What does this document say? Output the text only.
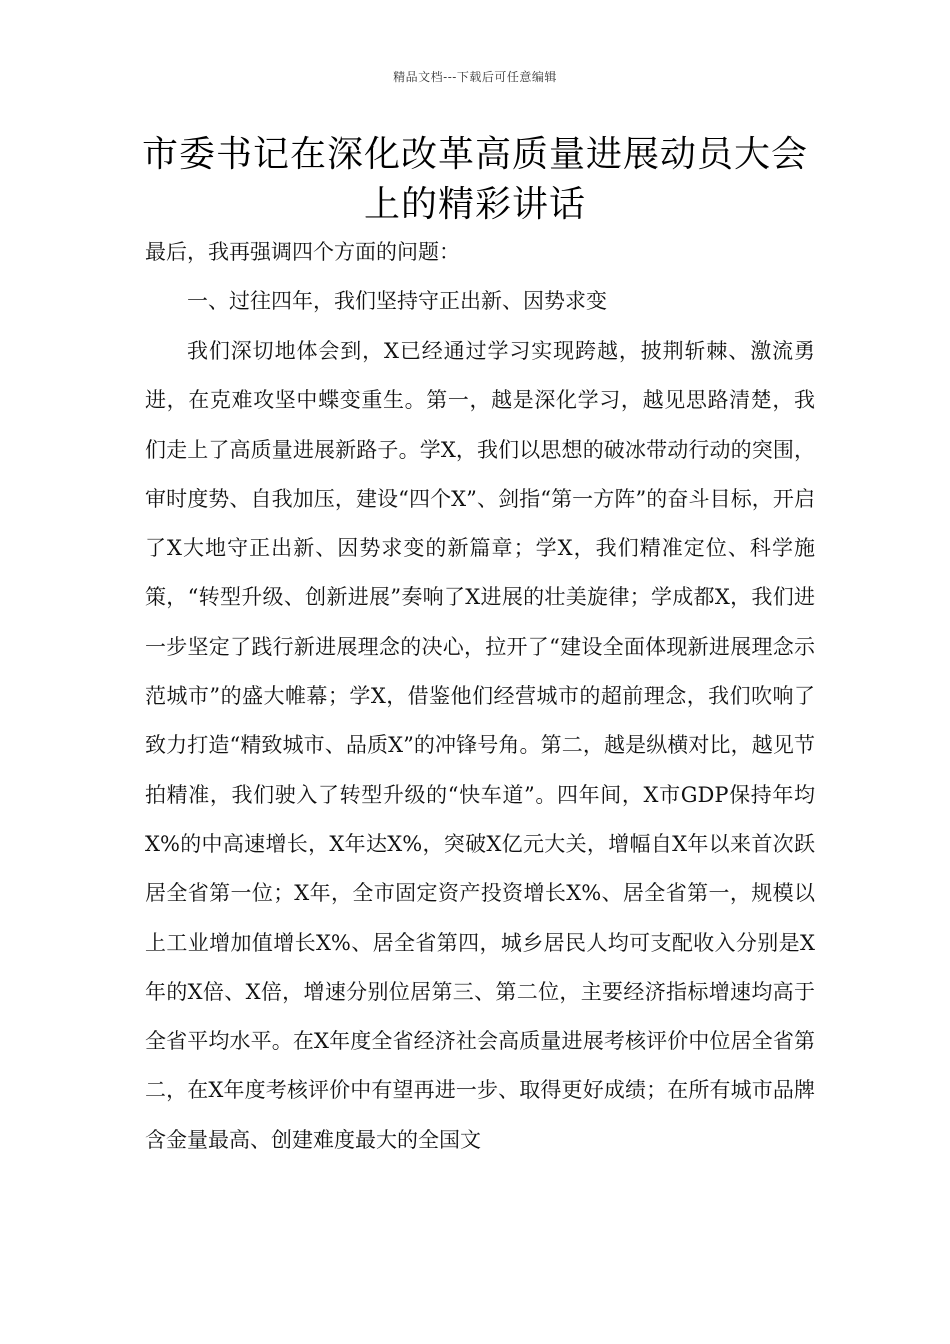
精品文档---下载后可任意编辑
市委书记在深化改革高质量进展动员大会上的精彩讲话

最后，我再强调四个方面的问题：

一、过往四年，我们坚持守正出新、因势求变

我们深切地体会到，X已经通过学习实现跨越，披荆斩棘、激流勇进，在克难攻坚中蝶变重生。第一，越是深化学习，越见思路清楚，我们走上了高质量进展新路子。学X，我们以思想的破冰带动行动的突围，审时度势、自我加压，建设“四个X”、剑指“第一方阵”的奋斗目标，开启了X大地守正出新、因势求变的新篇章；学X，我们精准定位、科学施策，“转型升级、创新进展”奏响了X进展的壮美旋律；学成都X，我们进一步坚定了践行新进展理念的决心，拉开了“建设全面体现新进展理念示范城市”的盛大帷幕；学X，借鉴他们经营城市的超前理念，我们吹响了致力打造“精致城市、品质X”的冲锋号角。第二，越是纵横对比，越见节拍精准，我们驶入了转型升级的“快车道”。四年间，X市GDP保持年均X%的中高速增长，X年达X%，突破X亿元大关，增幅自X年以来首次跃居全省第一位；X年，全市固定资产投资增长X%、居全省第一，规模以上工业增加值增长X%、居全省第四，城乡居民人均可支配收入分别是X年的X倍、X倍，增速分别位居第三、第二位，主要经济指标增速均高于全省平均水平。在X年度全省经济社会高质量进展考核评价中位居全省第二，在X年度考核评价中有望再进一步、取得更好成绩；在所有城市品牌含金量最高、创建难度最大的全国文
